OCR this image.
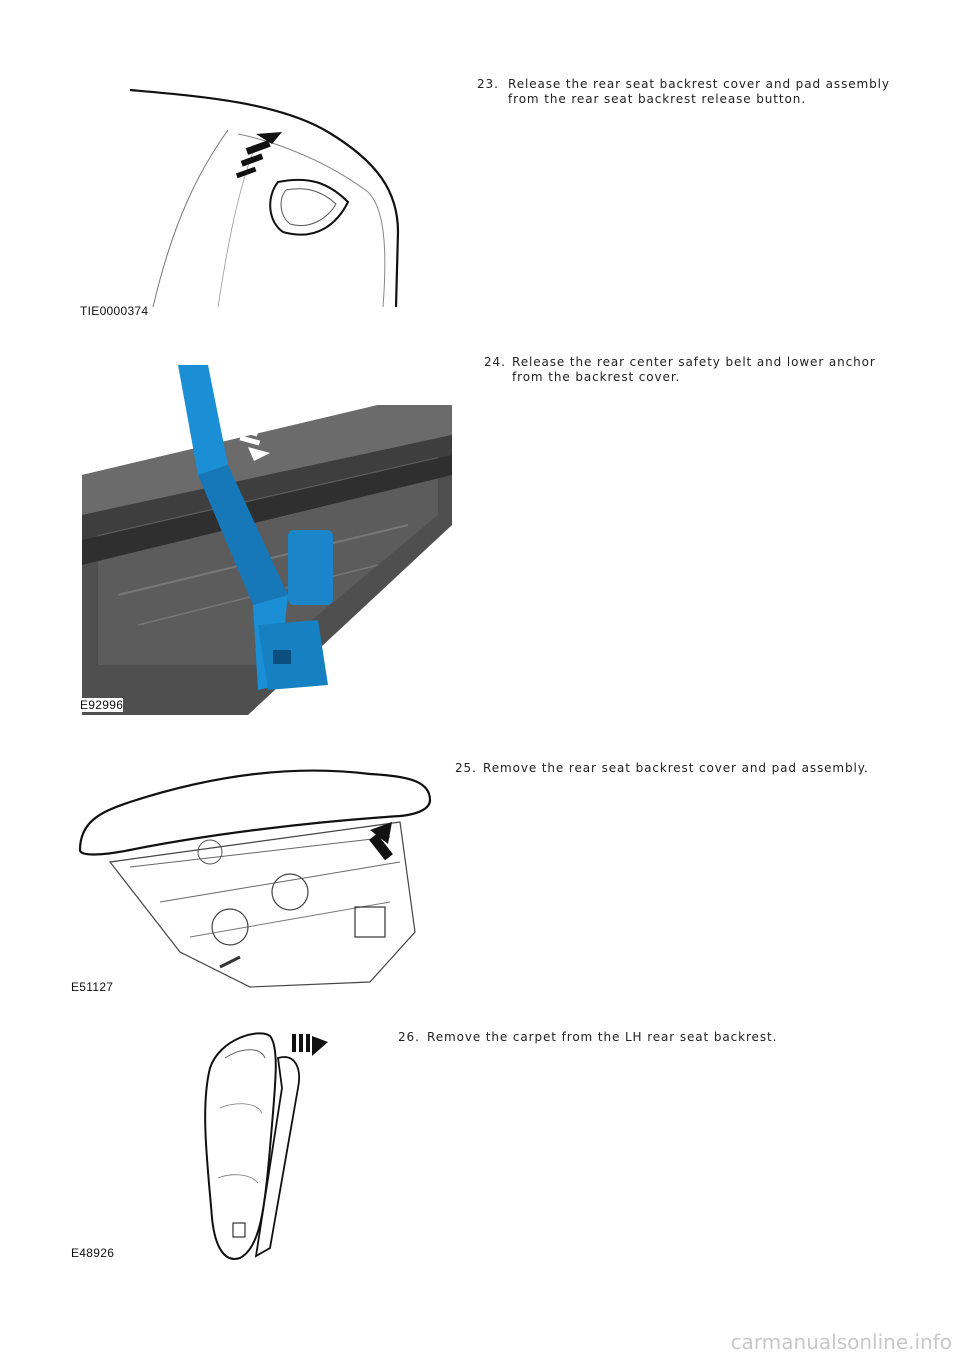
TIE0000374
23. Release the rear seat backrest cover and pad assembly from the rear seat backrest release button.
E92996
24. Release the rear center safety belt and lower anchor from the backrest cover.
E51127
25. Remove the rear seat backrest cover and pad assembly.
E48926
26. Remove the carpet from the LH rear seat backrest.
carmanualsonline.info
